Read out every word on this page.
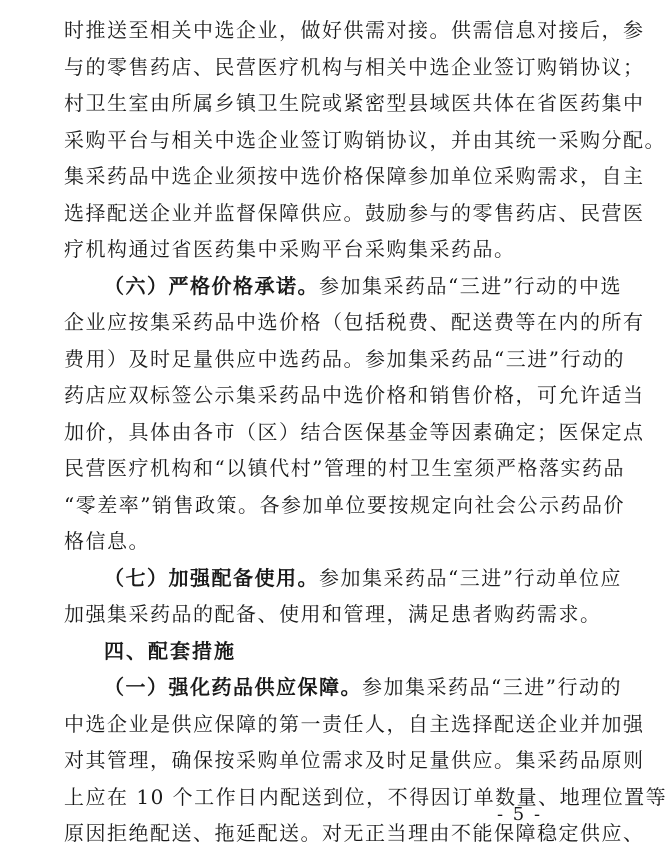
时推送至相关中选企业，做好供需对接。供需信息对接后，参
与的零售药店、民营医疗机构与相关中选企业签订购销协议；
村卫生室由所属乡镇卫生院或紧密型县域医共体在省医药集中
采购平台与相关中选企业签订购销协议，并由其统一采购分配。
集采药品中选企业须按中选价格保障参加单位采购需求，自主
选择配送企业并监督保障供应。鼓励参与的零售药店、民营医
疗机构通过省医药集中采购平台采购集采药品。
（六）严格价格承诺。参加集采药品“三进”行动的中选
企业应按集采药品中选价格（包括税费、配送费等在内的所有
费用）及时足量供应中选药品。参加集采药品“三进”行动的
药店应双标签公示集采药品中选价格和销售价格，可允许适当
加价，具体由各市（区）结合医保基金等因素确定；医保定点
民营医疗机构和“以镇代村”管理的村卫生室须严格落实药品
“零差率”销售政策。各参加单位要按规定向社会公示药品价
格信息。
（七）加强配备使用。参加集采药品“三进”行动单位应
加强集采药品的配备、使用和管理，满足患者购药需求。
四、配套措施
（一）强化药品供应保障。参加集采药品“三进”行动的
中选企业是供应保障的第一责任人，自主选择配送企业并加强
对其管理，确保按采购单位需求及时足量供应。集采药品原则
上应在 10 个工作日内配送到位，不得因订单数量、地理位置等
原因拒绝配送、拖延配送。对无正当理由不能保障稳定供应、
- 5 -
